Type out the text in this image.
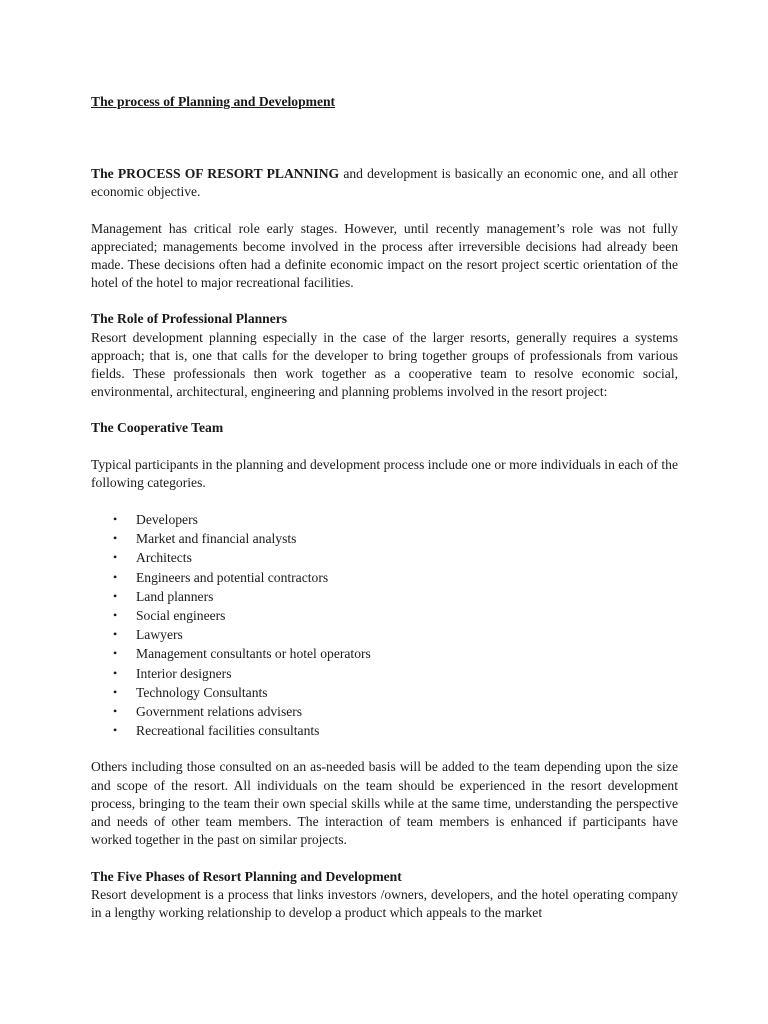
The process of Planning and Development

The PROCESS OF RESORT PLANNING and development is basically an economic one, and all other economic objective.

Management has critical role early stages. However, until recently management’s role was not fully appreciated; managements become involved in the process after irreversible decisions had already been made. These decisions often had a definite economic impact on the resort project scertic orientation of the hotel of the hotel to major recreational facilities.

The Role of Professional Planners

Resort development planning especially in the case of the larger resorts, generally requires a systems approach; that is, one that calls for the developer to bring together groups of professionals from various fields. These professionals then work together as a cooperative team to resolve economic social, environmental, architectural, engineering and planning problems involved in the resort project:

The Cooperative Team

Typical participants in the planning and development process include one or more individuals in each of the following categories.

• Developers
• Market and financial analysts
• Architects
• Engineers and potential contractors
• Land planners
• Social engineers
• Lawyers
• Management consultants or hotel operators
• Interior designers
• Technology Consultants
• Government relations advisers
• Recreational facilities consultants

Others including those consulted on an as-needed basis will be added to the team depending upon the size and scope of the resort. All individuals on the team should be experienced in the resort development process, bringing to the team their own special skills while at the same time, understanding the perspective and needs of other team members. The interaction of team members is enhanced if participants have worked together in the past on similar projects.

The Five Phases of Resort Planning and Development

Resort development is a process that links investors /owners, developers, and the hotel operating company in a lengthy working relationship to develop a product which appeals to the market
